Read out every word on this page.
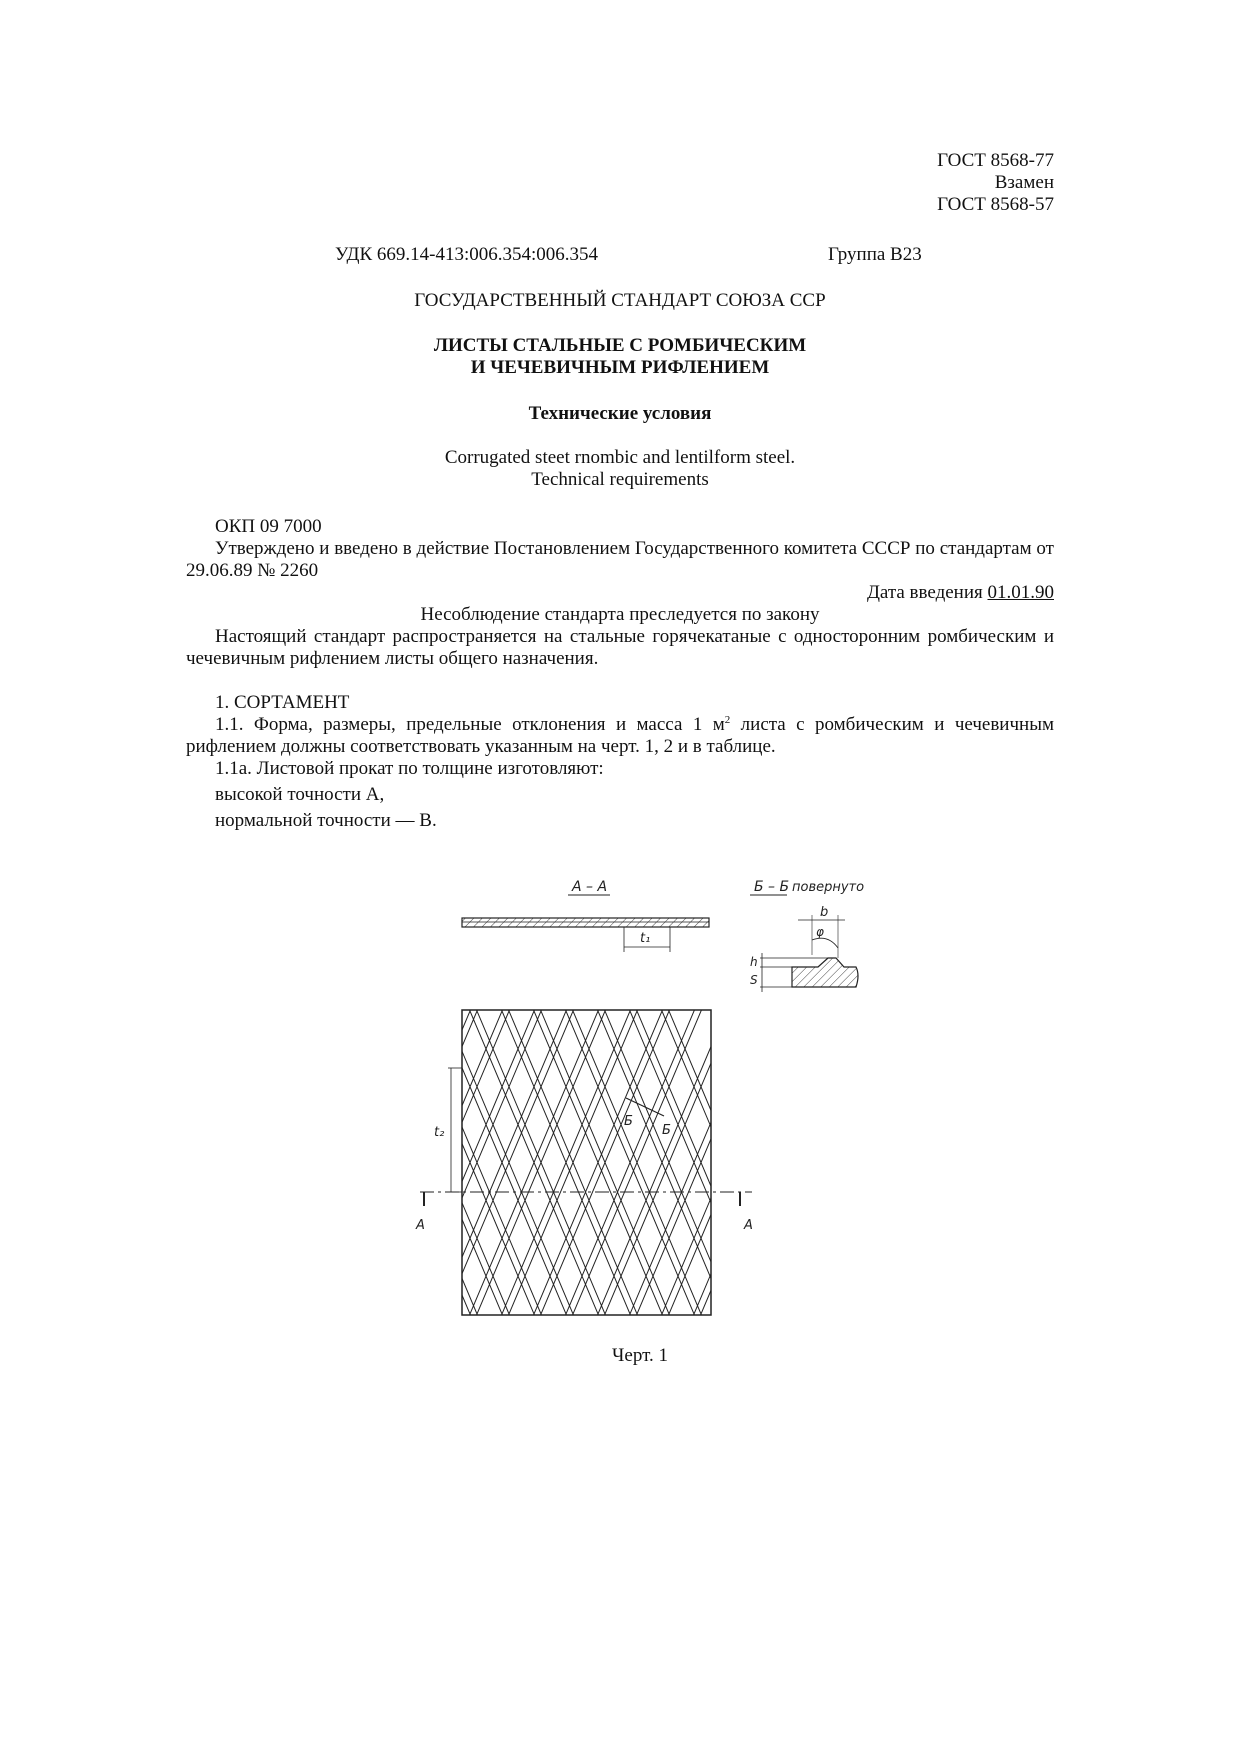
ГОСТ 8568-77
Взамен
ГОСТ 8568-57
УДК 669.14-413:006.354:006.354	Группа В23
ГОСУДАРСТВЕННЫЙ СТАНДАРТ СОЮЗА ССР
ЛИСТЫ СТАЛЬНЫЕ С РОМБИЧЕСКИМ
И ЧЕЧЕВИЧНЫМ РИФЛЕНИЕМ
Технические условия
Corrugated steet rnombic and lentilform steel.
Technical requirements
ОКП 09 7000
Утверждено и введено в действие Постановлением Государственного комитета СССР по стандартам от 29.06.89 № 2260
Дата введения 01.01.90
Несоблюдение стандарта преследуется по закону
Настоящий стандарт распространяется на стальные горячекатаные с односторонним ромбическим и чечевичным рифлением листы общего назначения.
1. СОРТАМЕНТ
1.1. Форма, размеры, предельные отклонения и масса 1 $м^2$ листа с ромбическим и чечевичным рифлением должны соответствовать указанным на черт. 1, 2 и в таблице.
1.1а. Листовой прокат по толщине изготовляют:
высокой точности А,
нормальной точности — В.
А – А
t₁
Б – Б повернуто
S
h
b
φ
А	А
t₂
Б
Б
Черт. 1
